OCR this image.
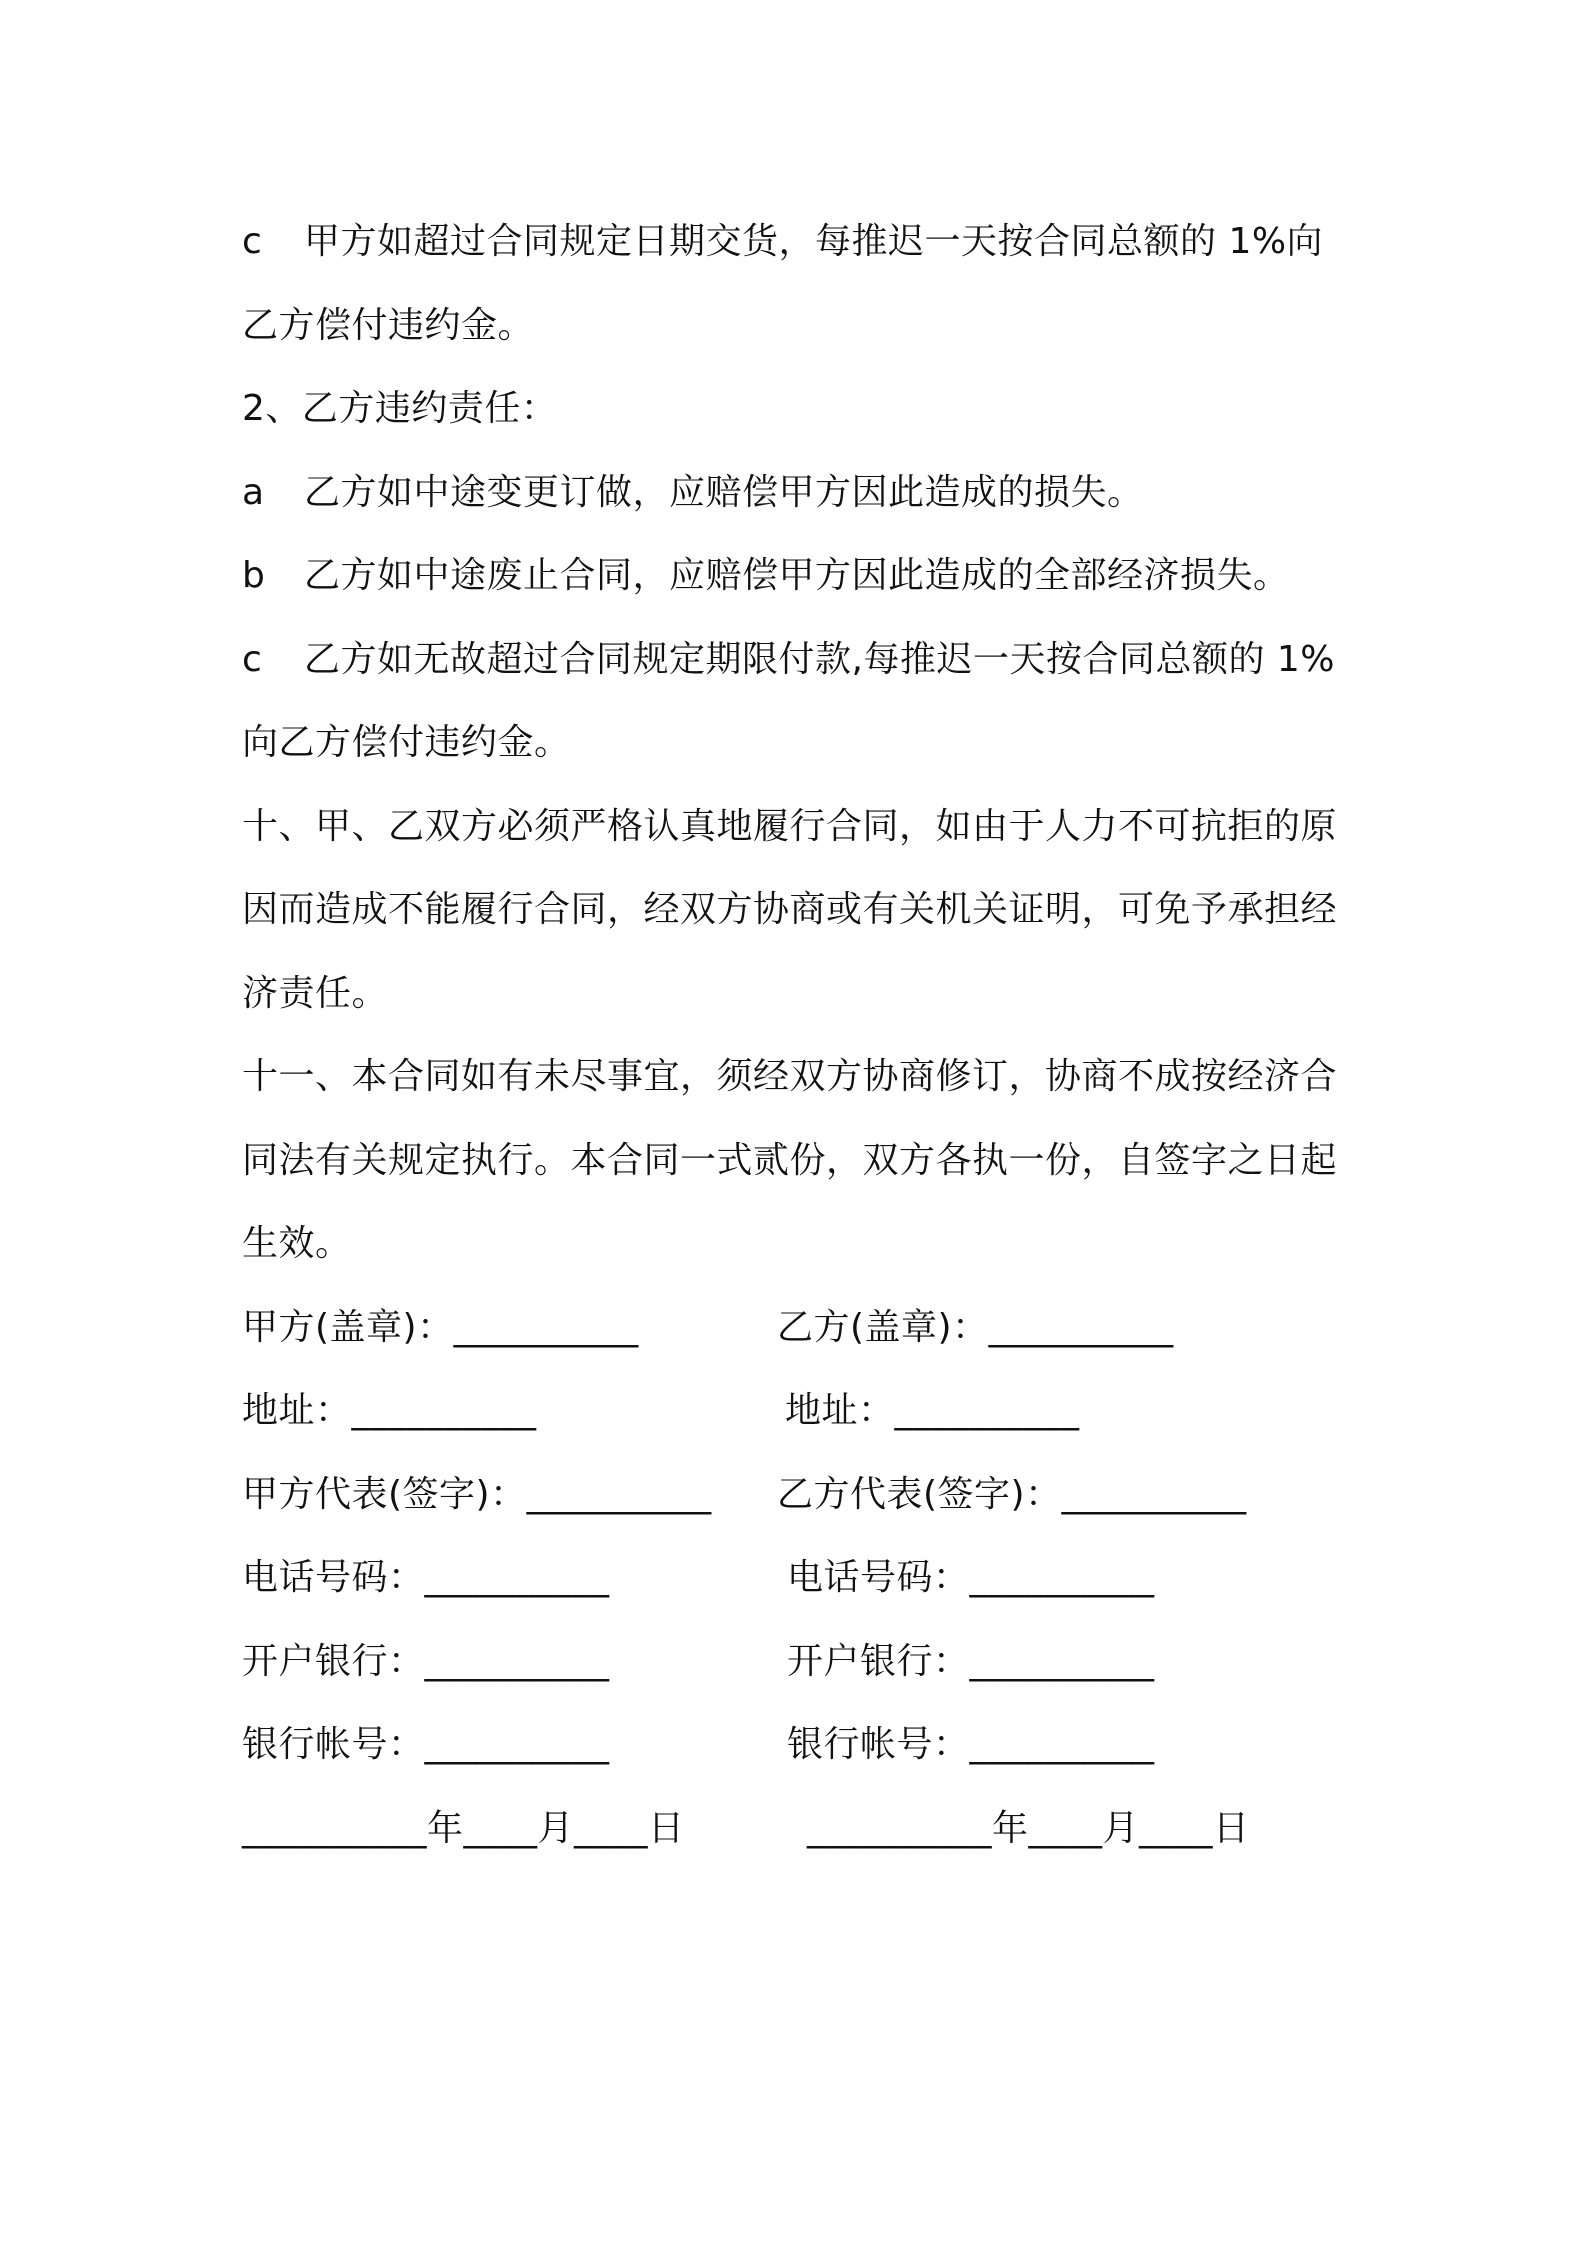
c 甲方如超过合同规定日期交货，每推迟一天按合同总额的 1%向
乙方偿付违约金。
2、乙方违约责任：
a 乙方如中途变更订做，应赔偿甲方因此造成的损失。
b 乙方如中途废止合同，应赔偿甲方因此造成的全部经济损失。
c 乙方如无故超过合同规定期限付款,每推迟一天按合同总额的 1%
向乙方偿付违约金。
十、甲、乙双方必须严格认真地履行合同，如由于人力不可抗拒的原
因而造成不能履行合同，经双方协商或有关机关证明，可免予承担经
济责任。
十一、本合同如有未尽事宜，须经双方协商修订，协商不成按经济合
同法有关规定执行。本合同一式贰份，双方各执一份，自签字之日起
生效。
甲方(盖章)：__________	乙方(盖章)：__________
地址：__________	地址：__________
甲方代表(签字)：__________	乙方代表(签字)：__________
电话号码：__________	电话号码：__________
开户银行：__________	开户银行：__________
银行帐号：__________	银行帐号：__________
__________年____月____日	__________年____月____日
